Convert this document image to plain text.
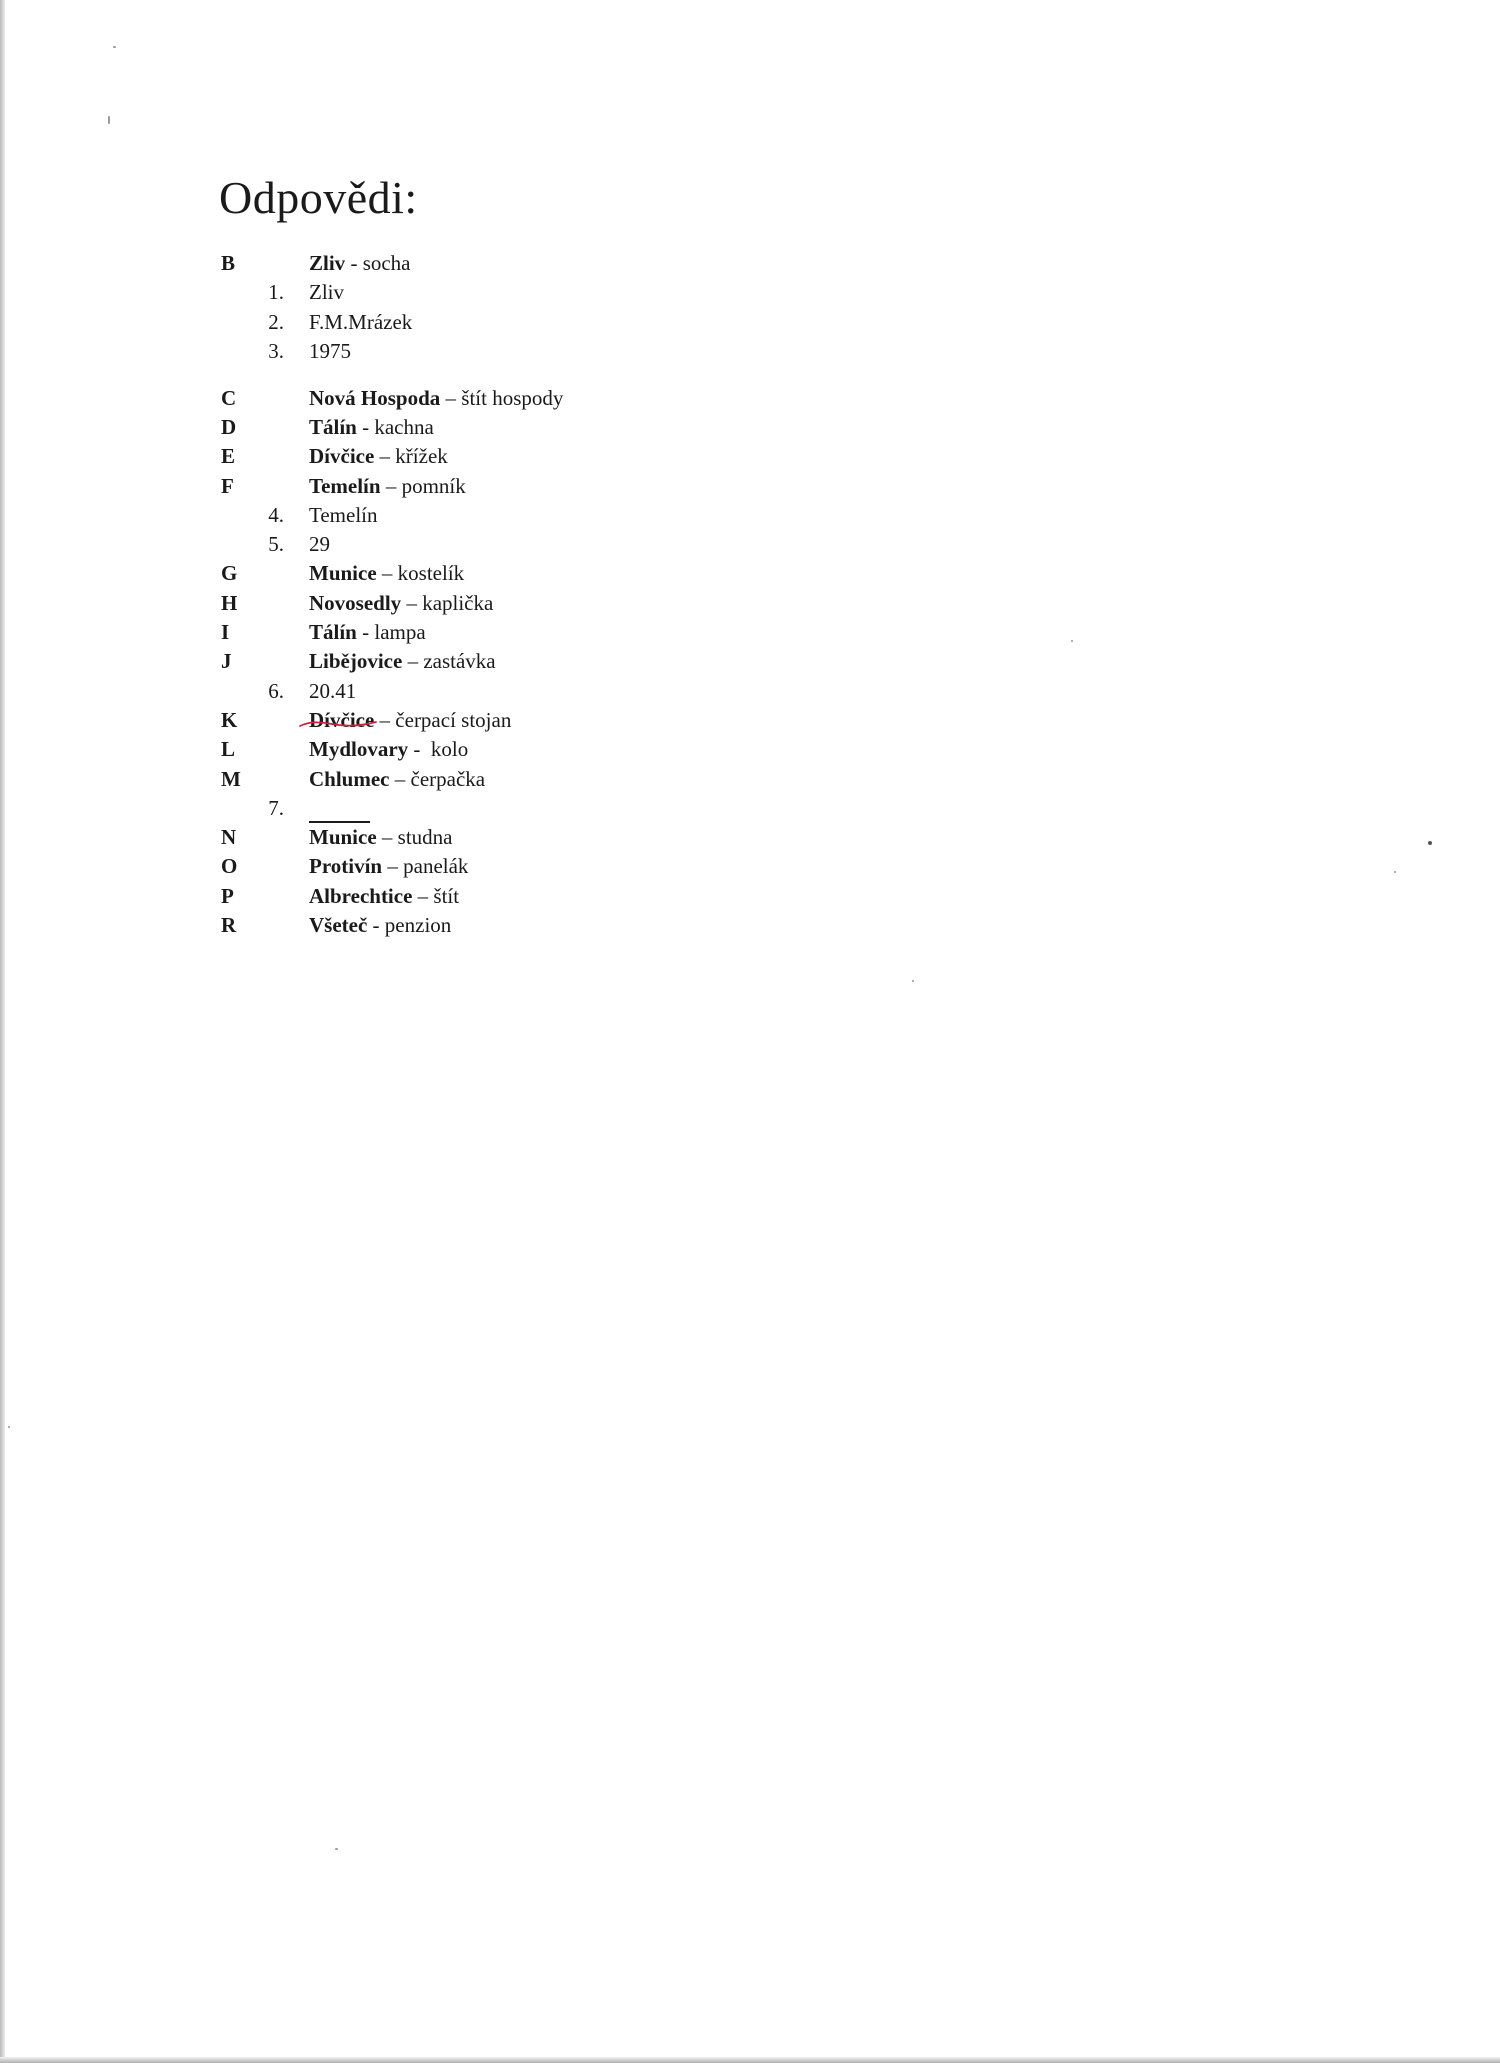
Odpovědi:
B	Zliv - socha
1. Zliv
2. F.M.Mrázek
3. 1975
C	Nová Hospoda – štít hospody
D	Tálín - kachna
E	Dívčice – křížek
F	Temelín – pomník
4. Temelín
5. 29
G	Munice – kostelík
H	Novosedly – kaplička
I	Tálín - lampa
J	Libějovice – zastávka
6. 20.41
K	Dívčice – čerpací stojan
L	Mydlovary -  kolo
M	Chlumec – čerpačka
7.
N	Munice – studna
O	Protivín – panelák
P	Albrechtice – štít
R	Všeteč - penzion
